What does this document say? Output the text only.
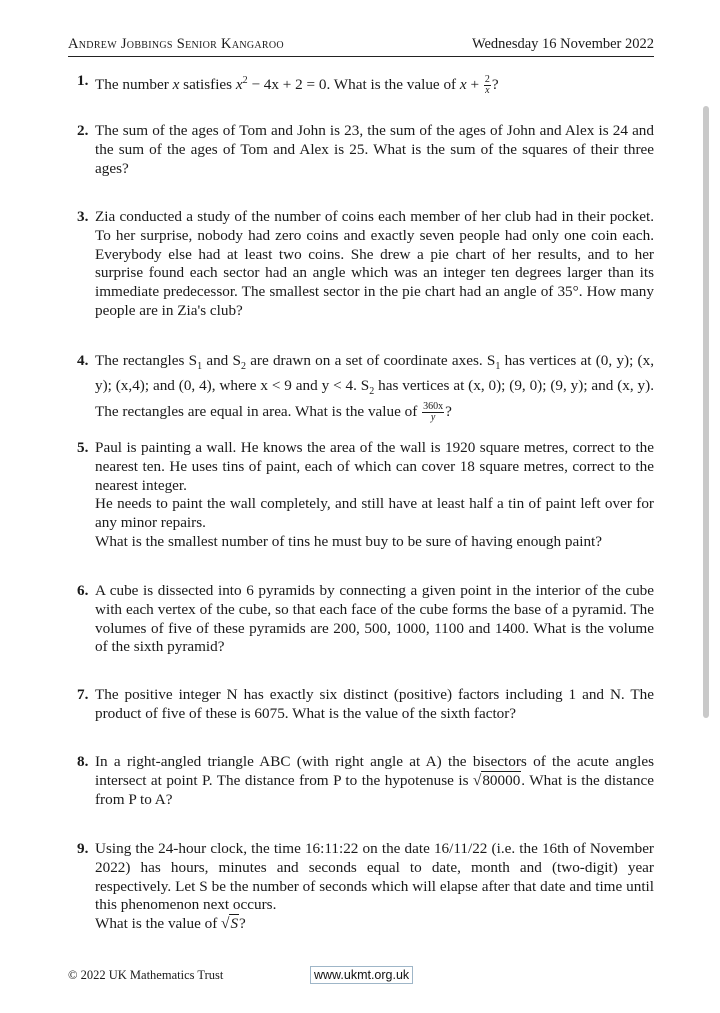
Andrew Jobbings Senior Kangaroo	Wednesday 16 November 2022
1. The number x satisfies $x^2 - 4x + 2 = 0$. What is the value of $x + \frac{2}{x}$ ?
2. The sum of the ages of Tom and John is 23, the sum of the ages of John and Alex is 24 and the sum of the ages of Tom and Alex is 25. What is the sum of the squares of their three ages?
3. Zia conducted a study of the number of coins each member of her club had in their pocket. To her surprise, nobody had zero coins and exactly seven people had only one coin each. Everybody else had at least two coins. She drew a pie chart of her results, and to her surprise found each sector had an angle which was an integer ten degrees larger than its immediate predecessor. The smallest sector in the pie chart had an angle of 35°. How many people are in Zia's club?
4. The rectangles $S_1$ and $S_2$ are drawn on a set of coordinate axes. $S_1$ has vertices at (0, y); (x, y); (x,4); and (0, 4), where x < 9 and y < 4. $S_2$ has vertices at (x, 0); (9, 0); (9, y); and (x, y). The rectangles are equal in area. What is the value of $\frac{360x}{y}$ ?
5. Paul is painting a wall. He knows the area of the wall is 1920 square metres, correct to the nearest ten. He uses tins of paint, each of which can cover 18 square metres, correct to the nearest integer.

He needs to paint the wall completely, and still have at least half a tin of paint left over for any minor repairs.

What is the smallest number of tins he must buy to be sure of having enough paint?

6. A cube is dissected into 6 pyramids by connecting a given point in the interior of the cube with each vertex of the cube, so that each face of the cube forms the base of a pyramid. The volumes of five of these pyramids are 200, 500, 1000, 1100 and 1400. What is the volume of the sixth pyramid?
7. The positive integer N has exactly six distinct (positive) factors including 1 and N. The product of five of these is 6075. What is the value of the sixth factor?
8. In a right-angled triangle ABC (with right angle at A) the bisectors of the acute angles intersect at point P. The distance from P to the hypotenuse is √80000. What is the distance from P to A?
9. Using the 24-hour clock, the time 16:11:22 on the date 16/11/22 (i.e. the 16th of November 2022) has hours, minutes and seconds equal to date, month and (two-digit) year respectively. Let S be the number of seconds which will elapse after that date and time until this phenomenon next occurs.

What is the value of √S?

© 2022 UK Mathematics Trust	www.ukmt.org.uk
